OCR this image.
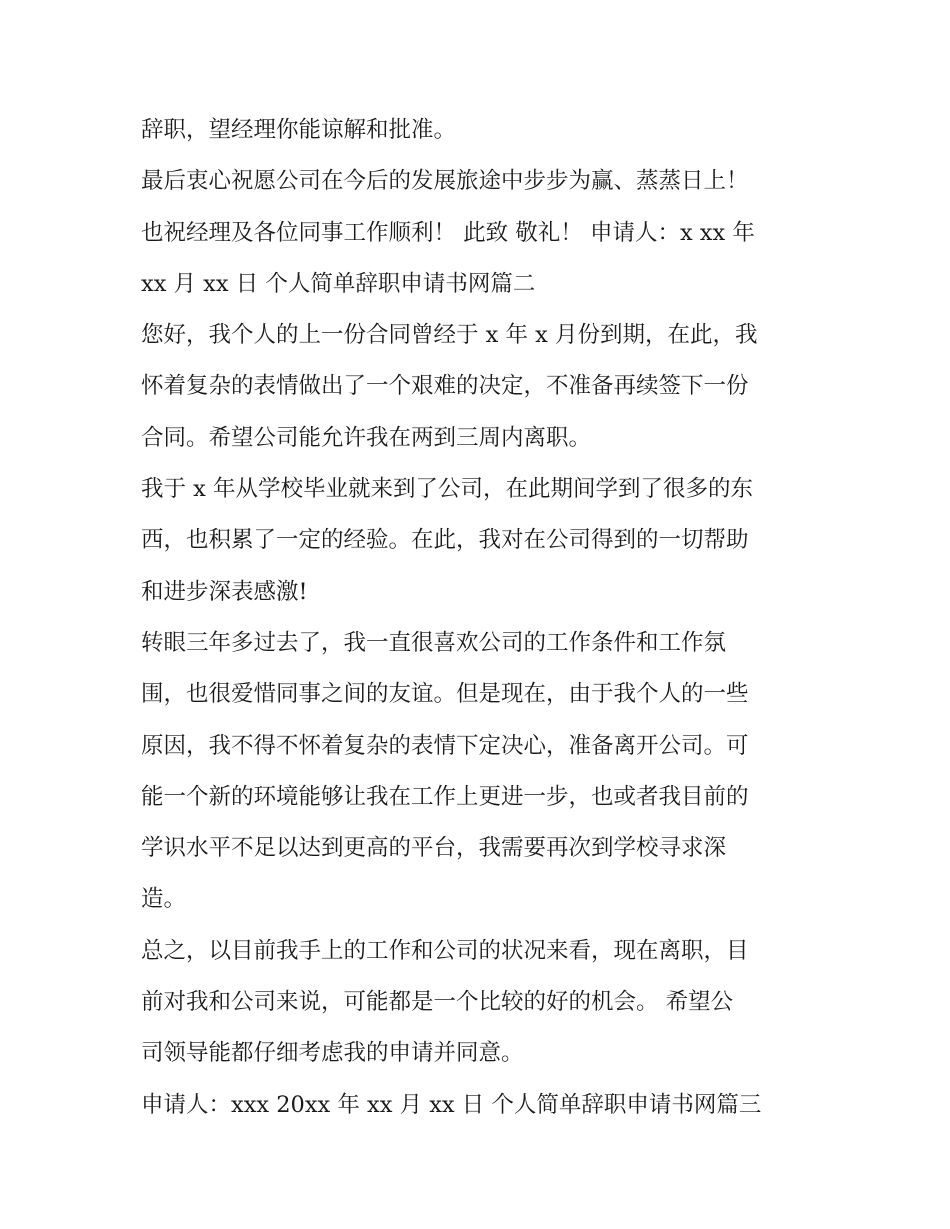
辞职，望经理你能谅解和批准。
最后衷心祝愿公司在今后的发展旅途中步步为赢、蒸蒸日上！
也祝经理及各位同事工作顺利！ 此致 敬礼！ 申请人：x xx 年
xx 月 xx 日 个人简单辞职申请书网篇二
您好，我个人的上一份合同曾经于 x 年 x 月份到期，在此，我
怀着复杂的表情做出了一个艰难的决定，不准备再续签下一份
合同。希望公司能允许我在两到三周内离职。
我于 x 年从学校毕业就来到了公司，在此期间学到了很多的东
西，也积累了一定的经验。在此，我对在公司得到的一切帮助
和进步深表感激!
转眼三年多过去了，我一直很喜欢公司的工作条件和工作氛
围，也很爱惜同事之间的友谊。但是现在，由于我个人的一些
原因，我不得不怀着复杂的表情下定决心，准备离开公司。可
能一个新的环境能够让我在工作上更进一步，也或者我目前的
学识水平不足以达到更高的平台，我需要再次到学校寻求深
造。
总之，以目前我手上的工作和公司的状况来看，现在离职，目
前对我和公司来说，可能都是一个比较的好的机会。 希望公
司领导能都仔细考虑我的申请并同意。
申请人：xxx 20xx 年 xx 月 xx 日 个人简单辞职申请书网篇三
